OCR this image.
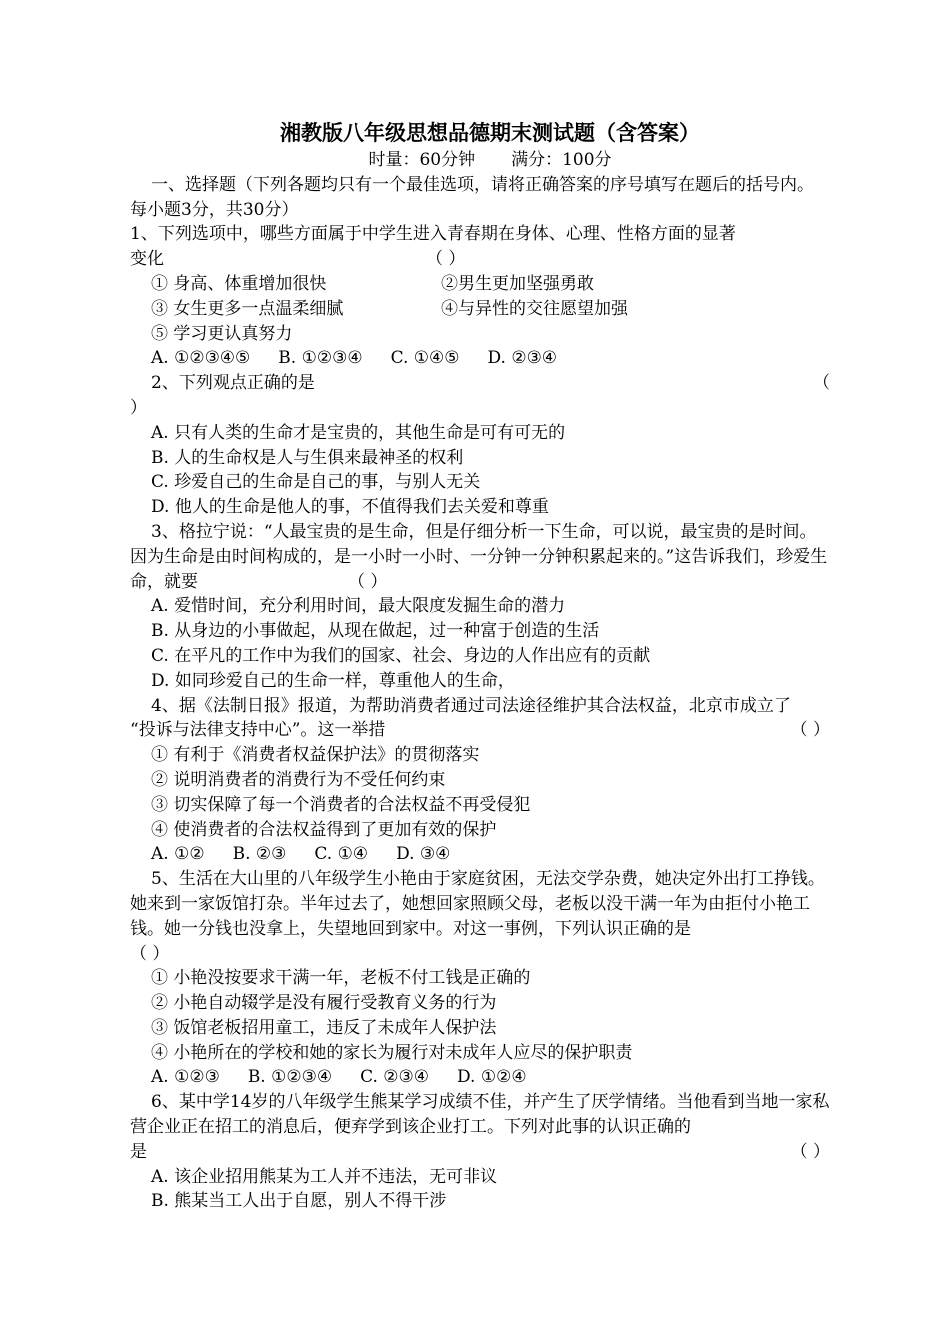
湘教版八年级思想品德期末测试题（含答案）
时量：60分钟 满分：100分

一、选择题（下列各题均只有一个最佳选项，请将正确答案的序号填写在题后的括号内。每小题3分，共30分）

1、下列选项中，哪些方面属于中学生进入青春期在身体、心理、性格方面的显著

变化	（ ）
① 身高、体重增加很快	②男生更加坚强勇敢
③ 女生更多一点温柔细腻	④与异性的交往愿望加强
⑤ 学习更认真努力
A. ①②③④⑤ B. ①②③④ C. ①④⑤ D. ②③④
2、下列观点正确的是	（
）
A. 只有人类的生命才是宝贵的，其他生命是可有可无的
B. 人的生命权是人与生俱来最神圣的权利
C. 珍爱自己的生命是自己的事，与别人无关
D. 他人的生命是他人的事，不值得我们去关爱和尊重

3、格拉宁说：“人最宝贵的是生命，但是仔细分析一下生命，可以说，最宝贵的是时间。因为生命是由时间构成的，是一小时一小时、一分钟一分钟积累起来的。”这告诉我们，珍爱生命，就要	（ ）

A. 爱惜时间，充分利用时间，最大限度发掘生命的潜力
B. 从身边的小事做起，从现在做起，过一种富于创造的生活
C. 在平凡的工作中为我们的国家、社会、身边的人作出应有的贡献
D. 如同珍爱自己的生命一样，尊重他人的生命，

4、据《法制日报》报道，为帮助消费者通过司法途径维护其合法权益，北京市成立了

“投诉与法律支持中心”。这一举措	（ ）
① 有利于《消费者权益保护法》的贯彻落实
② 说明消费者的消费行为不受任何约束
③ 切实保障了每一个消费者的合法权益不再受侵犯
④ 使消费者的合法权益得到了更加有效的保护
A. ①② B. ②③ C. ①④ D. ③④

5、生活在大山里的八年级学生小艳由于家庭贫困，无法交学杂费，她决定外出打工挣钱。她来到一家饭馆打杂。半年过去了，她想回家照顾父母，老板以没干满一年为由拒付小艳工钱。她一分钱也没拿上，失望地回到家中。对这一事例，下列认识正确的是

（ ）
① 小艳没按要求干满一年，老板不付工钱是正确的
② 小艳自动辍学是没有履行受教育义务的行为
③ 饭馆老板招用童工，违反了未成年人保护法
④ 小艳所在的学校和她的家长为履行对未成年人应尽的保护职责
A. ①②③ B. ①②③④ C. ②③④ D. ①②④

6、某中学14岁的八年级学生熊某学习成绩不佳，并产生了厌学情绪。当他看到当地一家私营企业正在招工的消息后，便弃学到该企业打工。下列对此事的认识正确的

是	（ ）
A. 该企业招用熊某为工人并不违法，无可非议
B. 熊某当工人出于自愿，别人不得干涉
